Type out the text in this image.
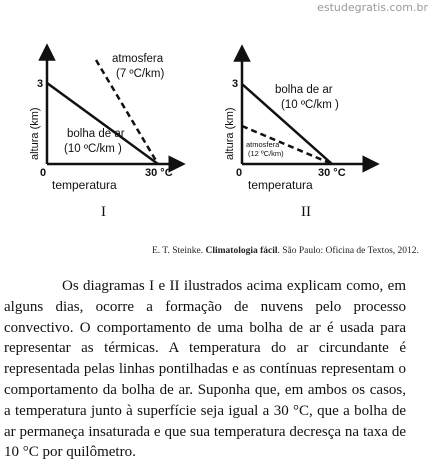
estudegratis.com.br
3
0	30 °C
altura (km)
temperatura
atmosfera
(7 ºC/km)
bolha de ar
(10 ºC/km )
3
0	30 °C
altura (km)
temperatura
bolha de ar
(10 ºC/km )
atmosfera
(12 ºC/km)
I	II
E. T. Steinke. Climatologia fácil. São Paulo: Oficina de Textos, 2012.

Os diagramas I e II ilustrados acima explicam como, em alguns dias, ocorre a formação de nuvens pelo processo convectivo. O comportamento de uma bolha de ar é usada para representar as térmicas. A temperatura do ar circundante é representada pelas linhas pontilhadas e as contínuas representam o comportamento da bolha de ar. Suponha que, em ambos os casos, a temperatura junto à superfície seja igual a 30 °C, que a bolha de ar permaneça insaturada e que sua temperatura decresça na taxa de 10 °C por quilômetro.
